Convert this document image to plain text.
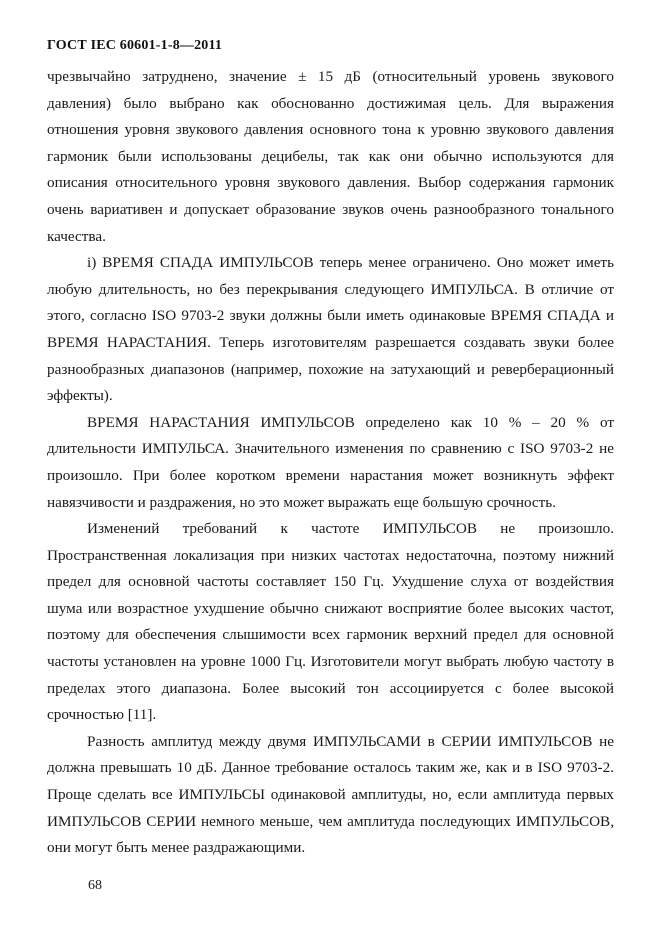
ГОСТ IEC 60601-1-8—2011

чрезвычайно затруднено, значение ± 15 дБ (относительный уровень звукового давления) было выбрано как обоснованно достижимая цель. Для выражения отношения уровня звукового давления основного тона к уровню звукового давления гармоник были использованы децибелы, так как они обычно используются для описания относительного уровня звукового давления. Выбор содержания гармоник очень вариативен и допускает образование звуков очень разнообразного тонального качества.

i) ВРЕМЯ СПАДА ИМПУЛЬСОВ теперь менее ограничено. Оно может иметь любую длительность, но без перекрывания следующего ИМПУЛЬСА. В отличие от этого, согласно ISO 9703-2 звуки должны были иметь одинаковые ВРЕМЯ СПАДА и ВРЕМЯ НАРАСТАНИЯ. Теперь изготовителям разрешается создавать звуки более разнообразных диапазонов (например, похожие на затухающий и реверберационный эффекты).

ВРЕМЯ НАРАСТАНИЯ ИМПУЛЬСОВ определено как 10 % – 20 % от длительности ИМПУЛЬСА. Значительного изменения по сравнению с ISO 9703-2 не произошло. При более коротком времени нарастания может возникнуть эффект навязчивости и раздражения, но это может выражать еще большую срочность.

Изменений требований к частоте ИМПУЛЬСОВ не произошло. Пространственная локализация при низких частотах недостаточна, поэтому нижний предел для основной частоты составляет 150 Гц. Ухудшение слуха от воздействия шума или возрастное ухудшение обычно снижают восприятие более высоких частот, поэтому для обеспечения слышимости всех гармоник верхний предел для основной частоты установлен на уровне 1000 Гц. Изготовители могут выбрать любую частоту в пределах этого диапазона. Более высокий тон ассоциируется с более высокой срочностью [11].

Разность амплитуд между двумя ИМПУЛЬСАМИ в СЕРИИ ИМПУЛЬСОВ не должна превышать 10 дБ. Данное требование осталось таким же, как и в ISO 9703-2. Проще сделать все ИМПУЛЬСЫ одинаковой амплитуды, но, если амплитуда первых ИМПУЛЬСОВ СЕРИИ немного меньше, чем амплитуда последующих ИМПУЛЬСОВ, они могут быть менее раздражающими.

68
